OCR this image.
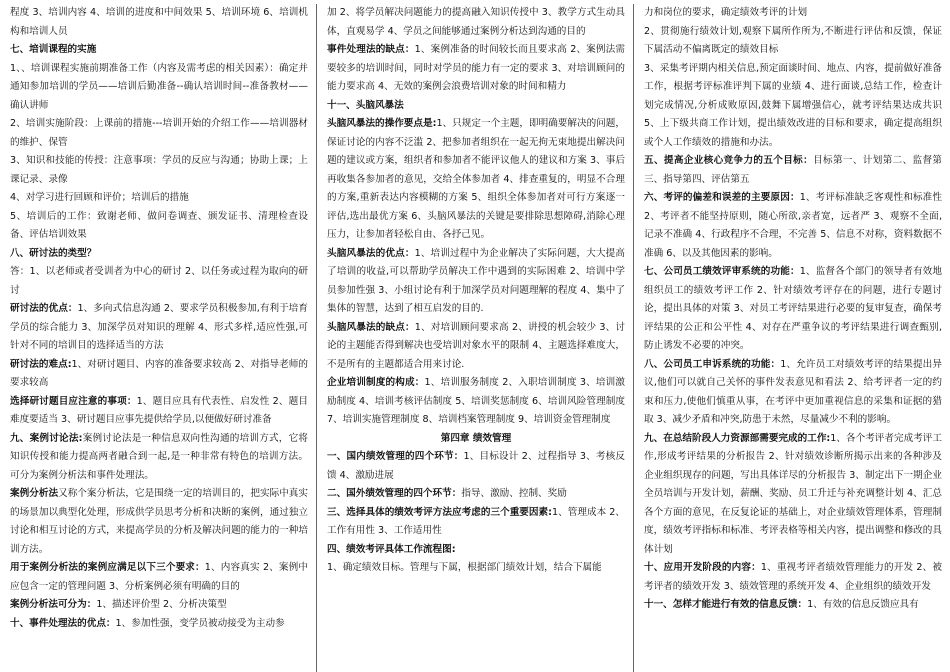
程度 3、培训内容 4、培训的进度和中间效果 5、培训环境 6、培训机构和培训人员

七、培训课程的实施

1、、培训课程实施前期准备工作（内容及需考虑的相关因素）：确定并通知参加培训的学员——培训后勤准备--确认培训时间--准备教材——确认讲师

2、培训实施阶段：上课前的措施---培训开始的介绍工作——培训器材的维护、保管

3、知识和技能的传授：注意事项：学员的反应与沟通；协助上课；上课记录、录像

4、对学习进行回顾和评价；培训后的措施

5、培训后的工作：致谢老师、做问卷调查、颁发证书、清理检查设备、评估培训效果

八、研讨法的类型？

答：1、以老师或者受训者为中心的研讨 2、以任务或过程为取向的研讨

研讨法的优点：1、多向式信息沟通 2、要求学员积极参加,有利于培育学员的综合能力 3、加深学员对知识的理解 4、形式多样,适应性强,可针对不同的培训目的选择适当的方法

研讨法的难点:1、对研讨题目、内容的准备要求较高 2、对指导老师的要求较高

选择研讨题目应注意的事项：1、题目应具有代表性、启发性 2、题目难度要适当 3、研讨题目应事先提供给学员,以便做好研讨准备

九、案例讨论法:案例讨论法是一种信息双向性沟通的培训方式，它将知识传授和能力提高两者融合到一起,是一种非常有特色的培训方法。可分为案例分析法和事件处理法。

案例分析法又称个案分析法，它是围绕一定的培训目的，把实际中真实的场景加以典型化处理，形成供学员思考分析和决断的案例，通过独立讨论和相互讨论的方式，来提高学员的分析及解决问题的能力的一种培训方法。

用于案例分析法的案例应满足以下三个要求：1、内容真实 2、案例中应包含一定的管理问题 3、分析案例必须有明确的目的

案例分析法可分为：1、描述评价型 2、分析决策型

十、事件处理法的优点：1、参加性强，变学员被动接受为主动参

加 2、将学员解决问题能力的提高融入知识传授中 3、教学方式生动具体，直观易学 4、学员之间能够通过案例分析达到沟通的目的

事件处理法的缺点：1、案例准备的时间较长而且要求高 2、案例法需要较多的培训时间，同时对学员的能力有一定的要求 3、对培训顾问的能力要求高 4、无效的案例会浪费培训对象的时间和精力

十一、头脑风暴法

头脑风暴法的操作要点是:1、只规定一个主题，即明确要解决的问题，保证讨论的内容不泛滥 2、把参加者组织在一起无拘无束地提出解决问题的建议或方案，组织者和参加者不能评议他人的建议和方案 3、事后再收集各参加者的意见，交给全体参加者 4、排查重复的，明显不合理的方案,重新表达内容模糊的方案 5、组织全体参加者对可行方案逐一评估,选出最优方案 6、头脑风暴法的关键是要排除思想障碍,消除心理压力，让参加者轻松自由、各抒己见。

头脑风暴法的优点：1、培训过程中为企业解决了实际问题，大大提高了培训的收益,可以帮助学员解决工作中遇到的实际困难 2、培训中学员参加性强 3、小组讨论有利于加深学员对问题理解的程度 4、集中了集体的智慧，达到了相互启发的目的.

头脑风暴法的缺点：1、对培训顾问要求高 2、讲授的机会较少 3、讨论的主题能否得到解决也受培训对象水平的限制 4、主题选择难度大，不是所有的主题都适合用来讨论.

企业培训制度的构成：1、培训服务制度 2、入职培训制度 3、培训激励制度 4、培训考核评估制度 5、培训奖惩制度 6、培训风险管理制度 7、培训实施管理制度 8、培训档案管理制度 9、培训资金管理制度

第四章 绩效管理

一、国内绩效管理的四个环节：1、目标设计 2、过程指导 3、考核反馈 4、激励进展

二、国外绩效管理的四个环节：指导、激励、控制、奖励

三、选择具体的绩效考评方法应考虑的三个重要因素:1、管理成本 2、工作有用性 3、工作适用性

四、绩效考评具体工作流程图:

1、确定绩效目标。管理与下属，根据部门绩效计划，结合下属能

力和岗位的要求，确定绩效考评的计划

2、贯彻施行绩效计划,观察下属所作所为,不断进行评估和反馈，保证下属活动不偏离既定的绩效目标

3、采集考评期内相关信息,预定面谈时间、地点、内容，提前做好准备工作，根据考评标准评判下属的业绩 4、进行面谈,总结工作，检查计划完成情况,分析成败原因,鼓舞下属增强信心，就考评结果达成共识 5、上下级共商工作计划，提出绩效改进的目标和要求，确定提高组织或个人工作绩效的措施和办法。

五、提高企业核心竞争力的五个目标：目标第一、计划第二、监督第三、指导第四、评估第五

六、考评的偏差和误差的主要原因：1、考评标准缺乏客观性和标准性 2、考评者不能坚持原则，随心所欲,亲者宽，远者严 3、观察不全面,记录不准确 4、行政程序不合理，不完善 5、信息不对称，资料数据不准确 6、以及其他因素的影响。

七、公司员工绩效评审系统的功能：1、监督各个部门的领导者有效地组织员工的绩效考评工作 2、针对绩效考评存在的问题，进行专题讨论，提出具体的对策 3、对员工考评结果进行必要的复审复查，确保考评结果的公正和公平性 4、对存在严重争议的考评结果进行调查甄别,防止诱发不必要的冲突。

八、公司员工申诉系统的功能：1、允许员工对绩效考评的结果提出异议,他们可以就自己关怀的事件发表意见和看法 2、给考评者一定的约束和压力,使他们慎重从事，在考评中更加重视信息的采集和证据的猎取 3、减少矛盾和冲突,防患于未然，尽量减少不利的影响。

九、在总结阶段人力资源部需要完成的工作:1、各个考评者完成考评工作,形成考评结果的分析报告 2、针对绩效诊断所揭示出来的各种涉及企业组织现存的问题，写出具体详尽的分析报告 3、制定出下一期企业全员培训与开发计划，薪酬、奖励、员工升迁与补充调整计划 4、汇总各个方面的意见，在反复论证的基础上，对企业绩效管理体系，管理制度，绩效考评指标和标准、考评表格等相关内容，提出调整和修改的具体计划

十、应用开发阶段的内容：1、重视考评者绩效管理能力的开发 2、被考评者的绩效开发 3、绩效管理的系统开发 4、企业组织的绩效开发

十一、怎样才能进行有效的信息反馈：1、有效的信息反馈应具有
